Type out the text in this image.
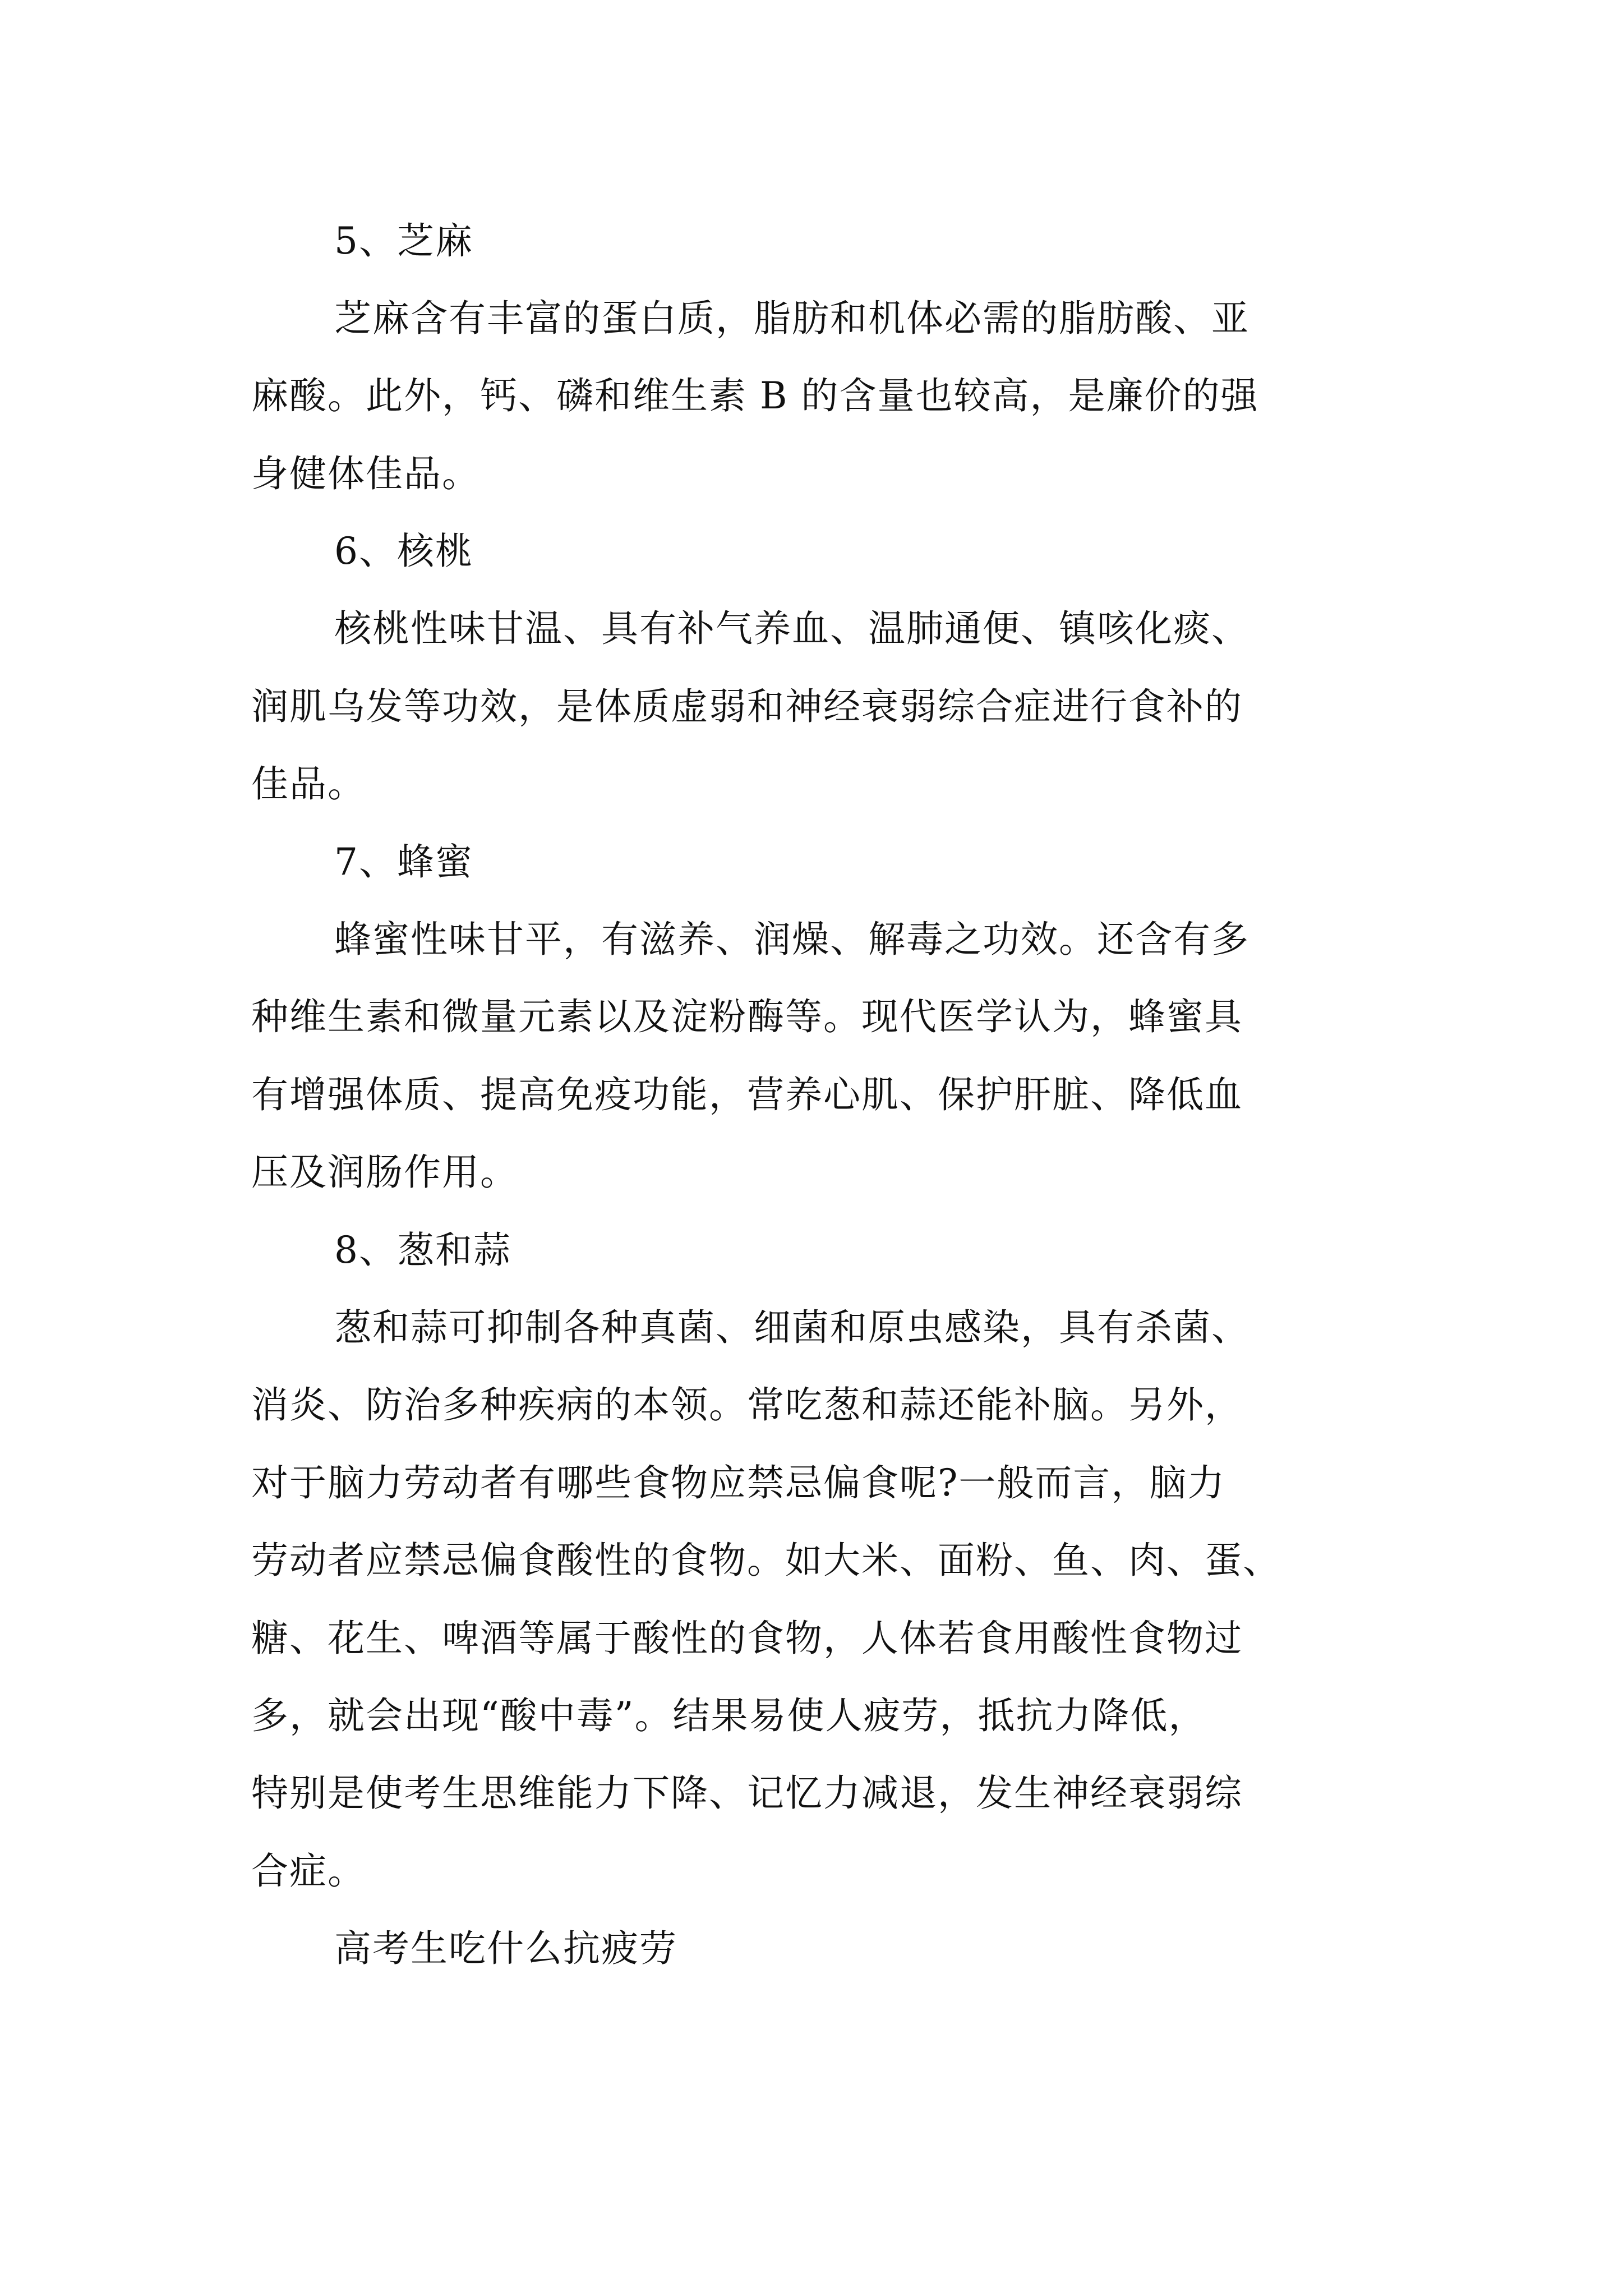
5、芝麻
芝麻含有丰富的蛋白质，脂肪和机体必需的脂肪酸、亚
麻酸。此外，钙、磷和维生素 B 的含量也较高，是廉价的强
身健体佳品。
6、核桃
核桃性味甘温、具有补气养血、温肺通便、镇咳化痰、
润肌乌发等功效，是体质虚弱和神经衰弱综合症进行食补的
佳品。
7、蜂蜜
蜂蜜性味甘平，有滋养、润燥、解毒之功效。还含有多
种维生素和微量元素以及淀粉酶等。现代医学认为，蜂蜜具
有增强体质、提高免疫功能，营养心肌、保护肝脏、降低血
压及润肠作用。
8、葱和蒜
葱和蒜可抑制各种真菌、细菌和原虫感染，具有杀菌、
消炎、防治多种疾病的本领。常吃葱和蒜还能补脑。另外，
对于脑力劳动者有哪些食物应禁忌偏食呢?一般而言，脑力
劳动者应禁忌偏食酸性的食物。如大米、面粉、鱼、肉、蛋、
糖、花生、啤酒等属于酸性的食物，人体若食用酸性食物过
多，就会出现“酸中毒”。结果易使人疲劳，抵抗力降低，
特别是使考生思维能力下降、记忆力减退，发生神经衰弱综
合症。
高考生吃什么抗疲劳
